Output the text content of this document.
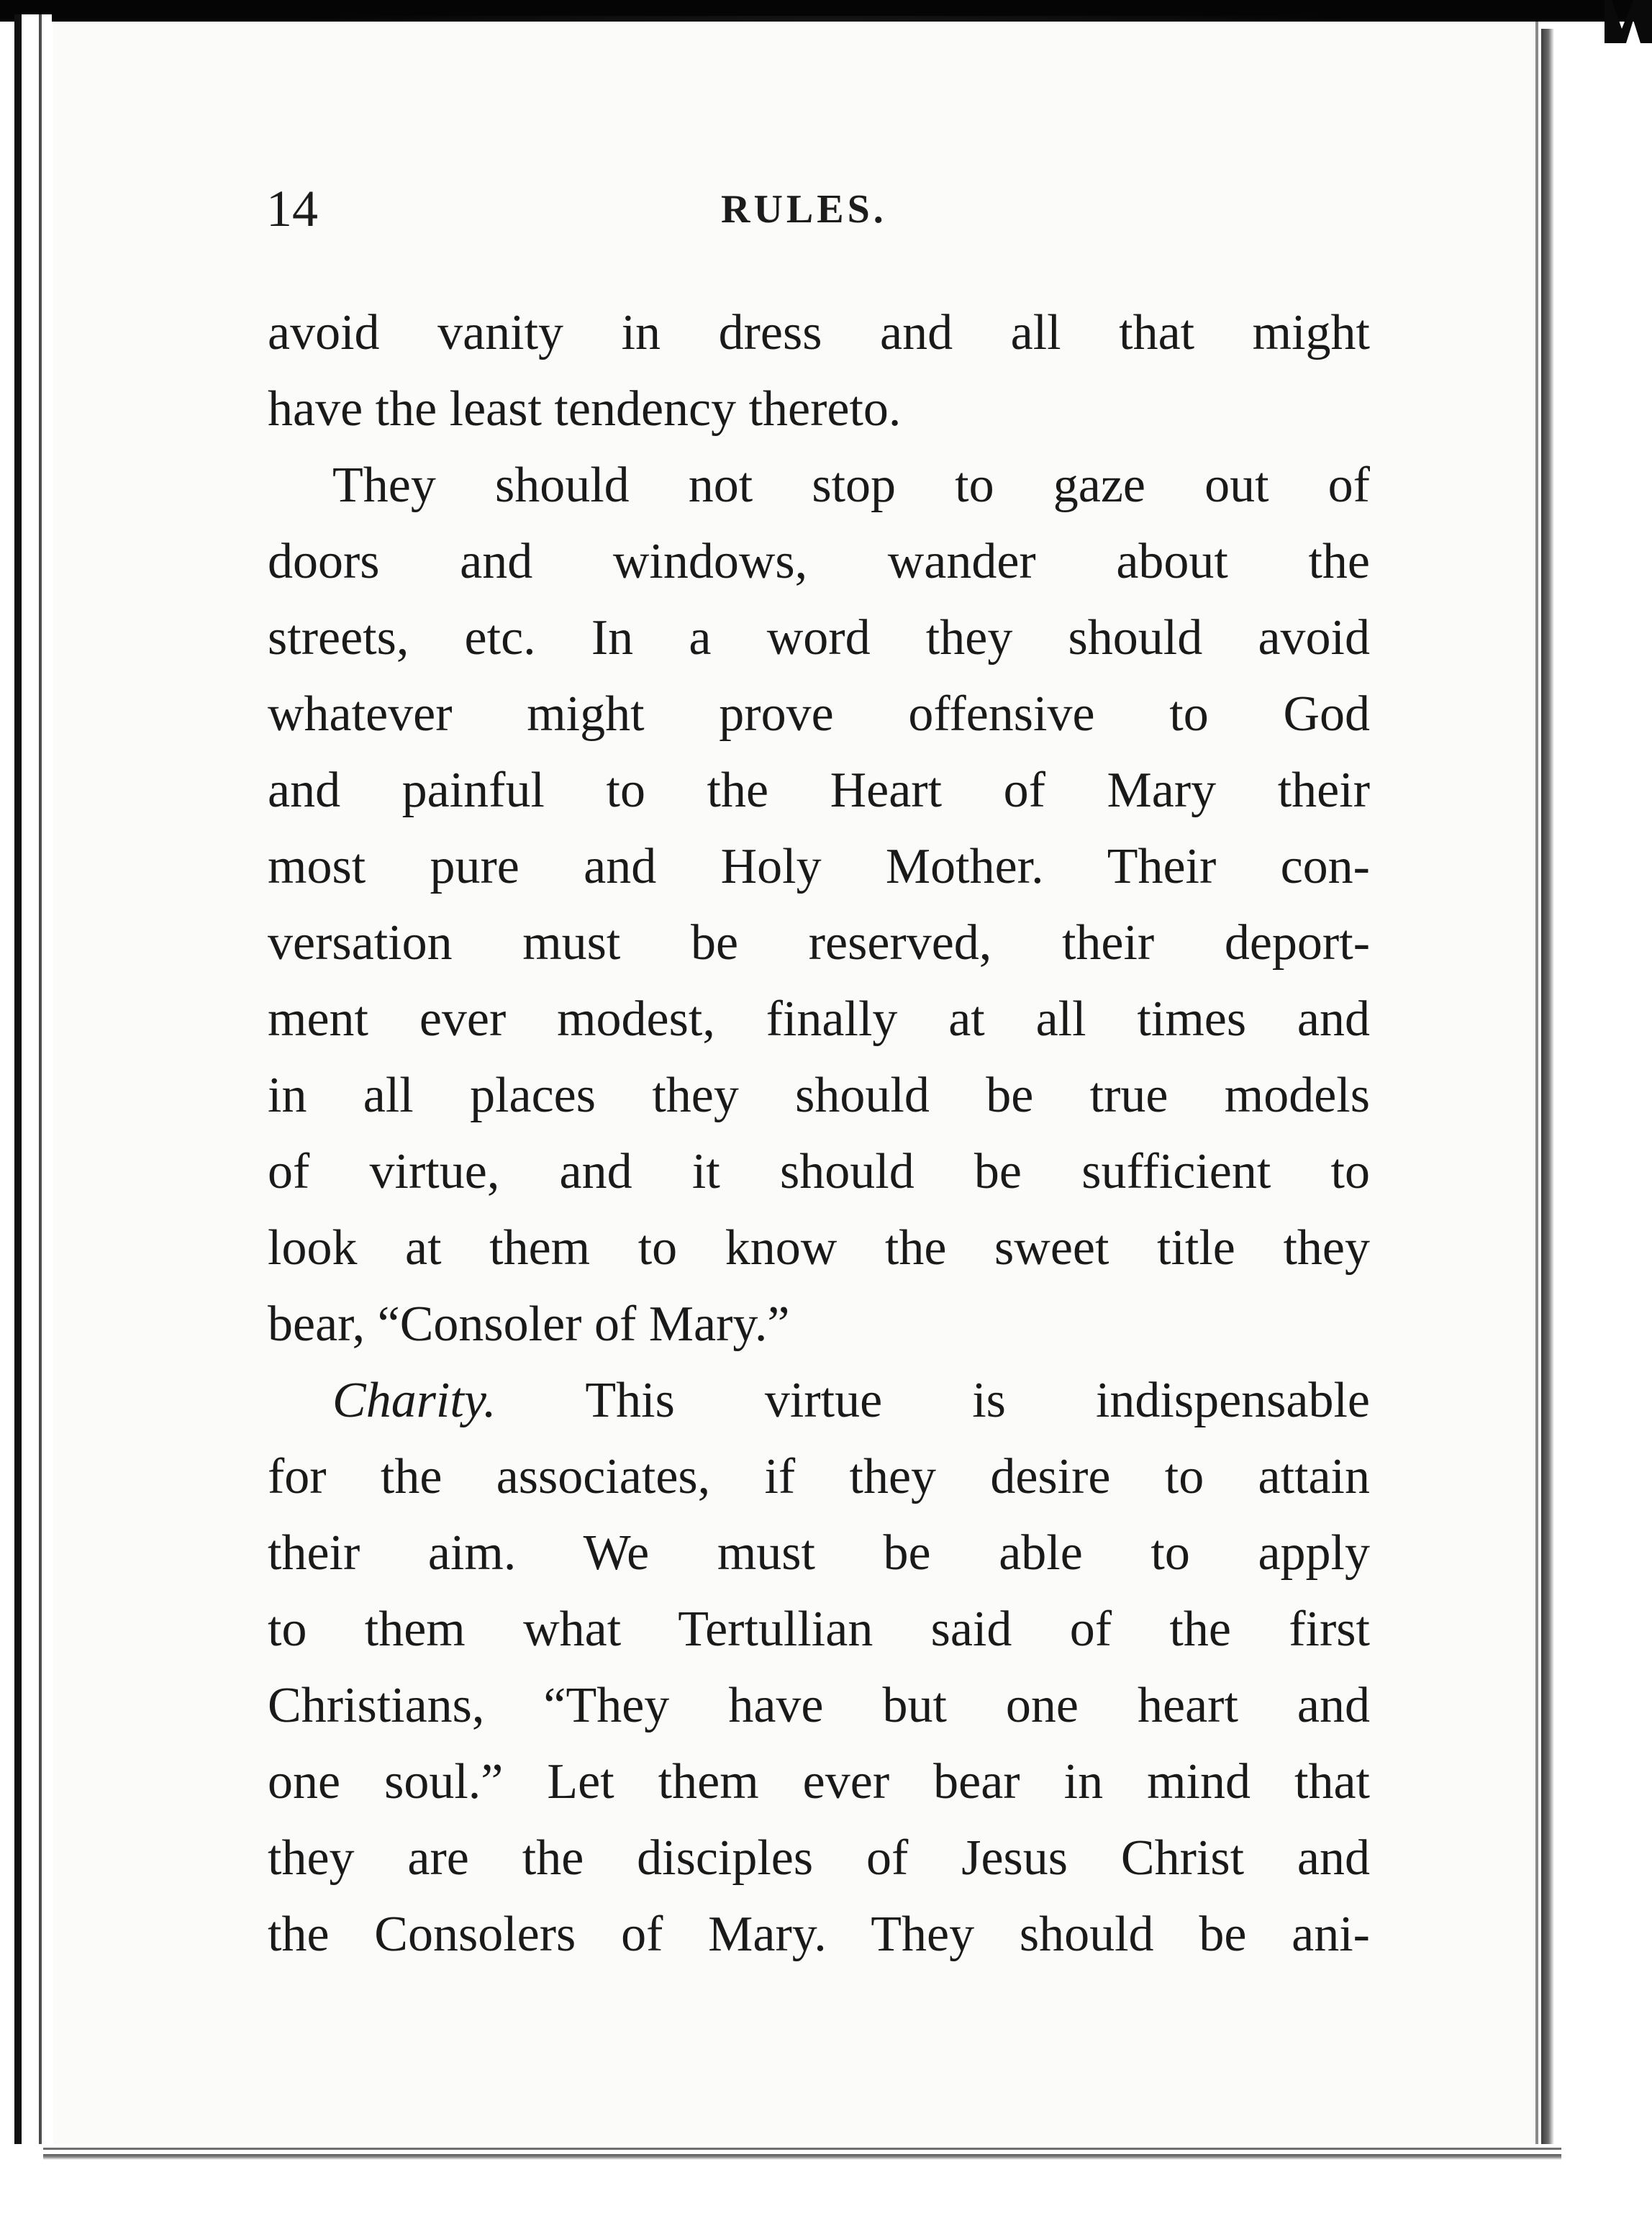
14	RULES.
avoid vanity in dress and all that might
have the least tendency thereto.
They should not stop to gaze out of
doors and windows, wander about the
streets, etc. In a word they should avoid
whatever might prove offensive to God
and painful to the Heart of Mary their
most pure and Holy Mother. Their con-
versation must be reserved, their deport-
ment ever modest, finally at all times and
in all places they should be true models
of virtue, and it should be sufficient to
look at them to know the sweet title they
bear, “Consoler of Mary.”
Charity. This virtue is indispensable
for the associates, if they desire to attain
their aim. We must be able to apply
to them what Tertullian said of the first
Christians, “They have but one heart and
one soul.” Let them ever bear in mind that
they are the disciples of Jesus Christ and
the Consolers of Mary. They should be ani-
